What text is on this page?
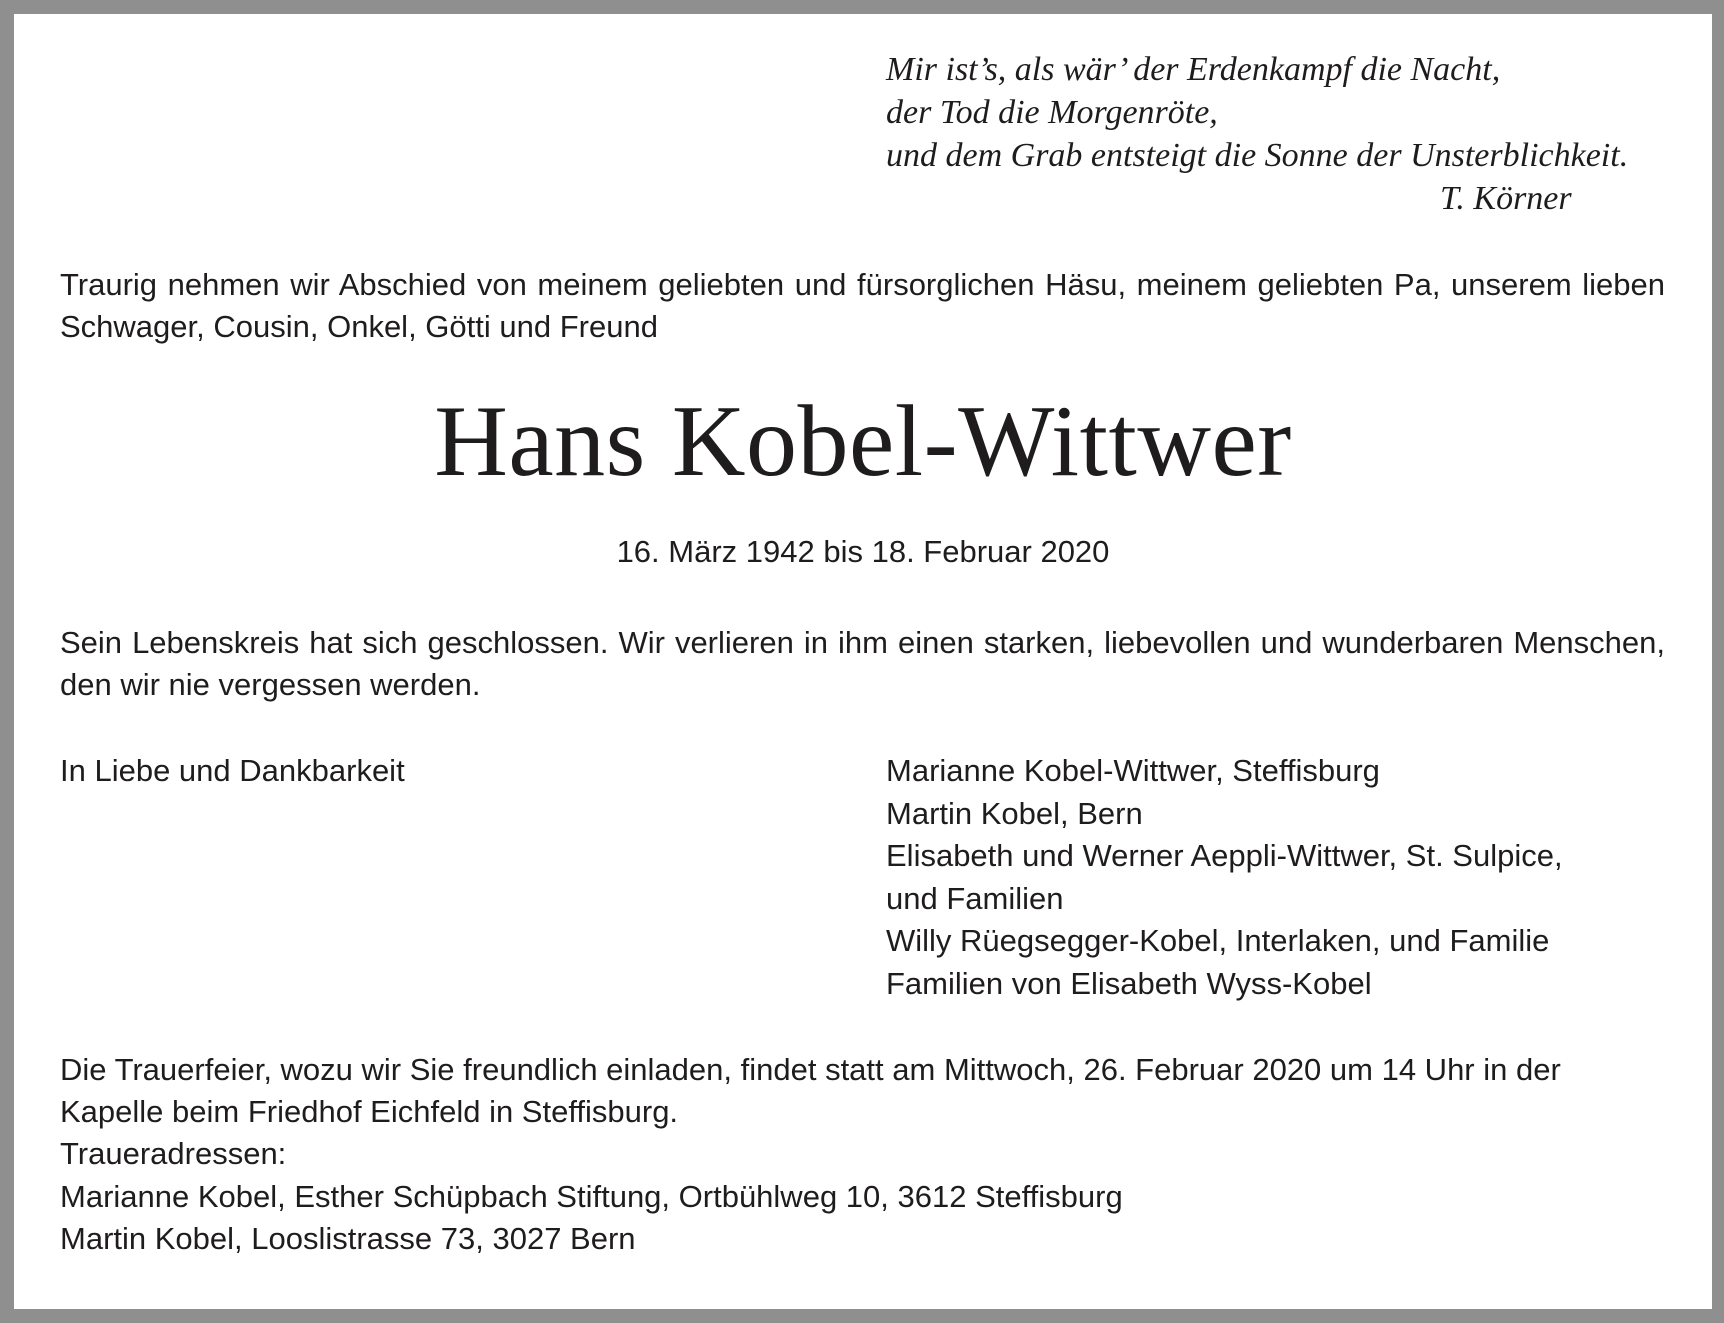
Mir ist’s, als wär’ der Erdenkampf die Nacht,
der Tod die Morgenröte,
und dem Grab entsteigt die Sonne der Unsterblichkeit.
T. Körner
Traurig nehmen wir Abschied von meinem geliebten und fürsorglichen Häsu, meinem geliebten Pa, unserem lieben Schwager, Cousin, Onkel, Götti und Freund
Hans Kobel-Wittwer
16. März 1942 bis 18. Februar 2020
Sein Lebenskreis hat sich geschlossen. Wir verlieren in ihm einen starken, liebevollen und wunderbaren Menschen, den wir nie vergessen werden.
In Liebe und Dankbarkeit	Marianne Kobel-Wittwer, Steffisburg
Martin Kobel, Bern
Elisabeth und Werner Aeppli-Wittwer, St. Sulpice,
und Familien
Willy Rüegsegger-Kobel, Interlaken, und Familie
Familien von Elisabeth Wyss-Kobel
Die Trauerfeier, wozu wir Sie freundlich einladen, findet statt am Mittwoch, 26. Februar 2020 um 14 Uhr in der Kapelle beim Friedhof Eichfeld in Steffisburg.
Traueradressen:
Marianne Kobel, Esther Schüpbach Stiftung, Ortbühlweg 10, 3612 Steffisburg
Martin Kobel, Looslistrasse 73, 3027 Bern
